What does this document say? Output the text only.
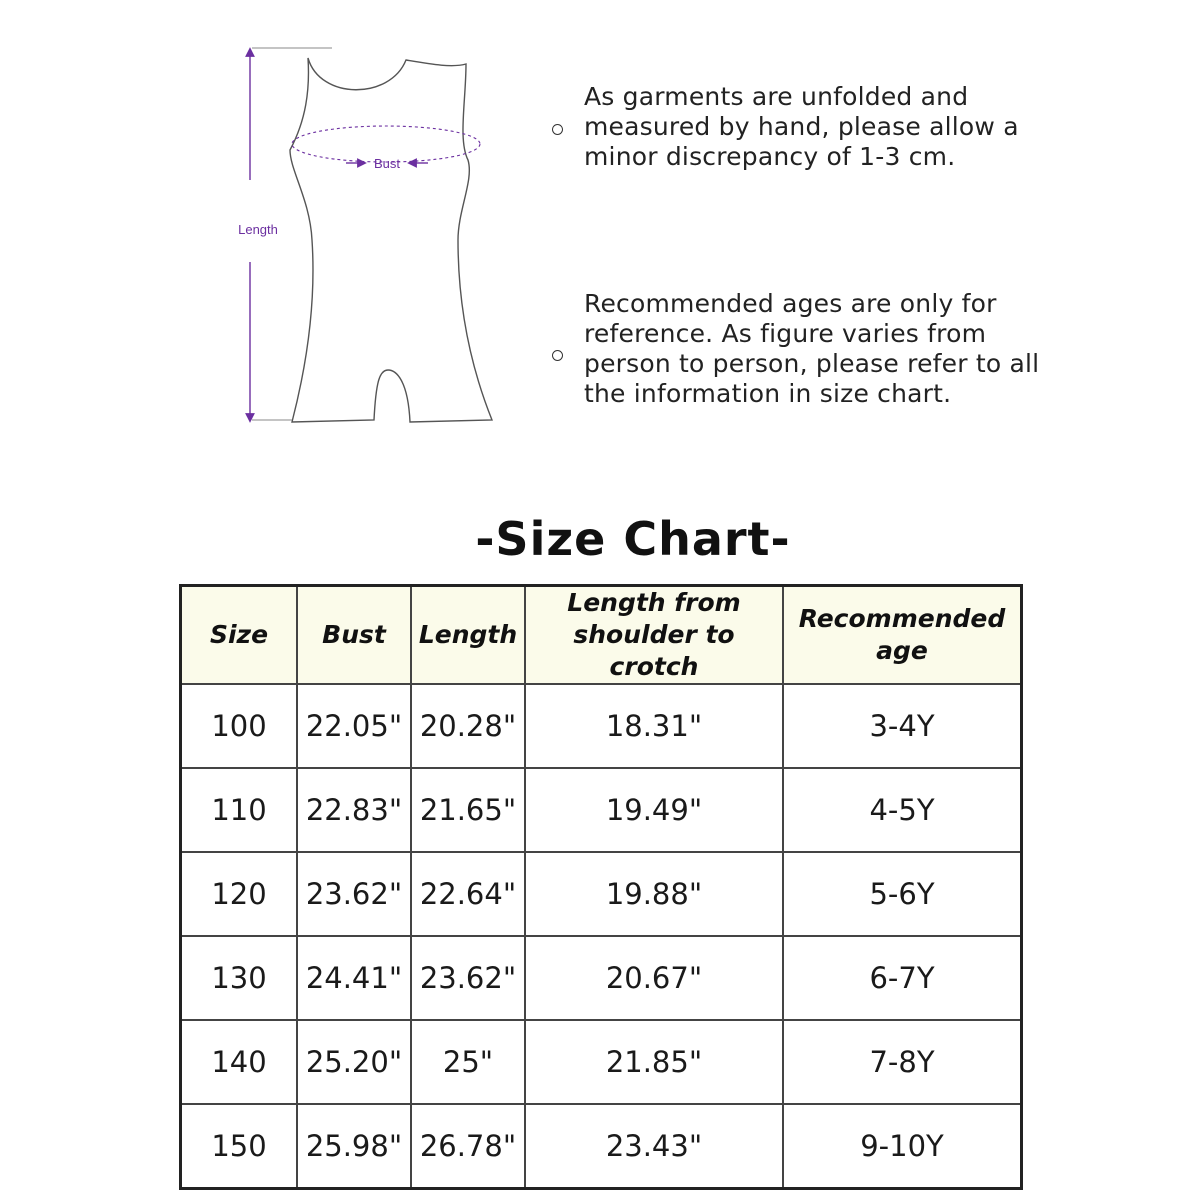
Length
Bust
As garments are unfolded and measured by hand, please allow a minor discrepancy of 1-3 cm.
Recommended ages are only for reference. As figure varies from person to person, please refer to all the information in size chart.
-Size Chart-
Size	Bust	Length	Length from shoulder to crotch	Recommended age
100	22.05"	20.28"	18.31"	3-4Y
110	22.83"	21.65"	19.49"	4-5Y
120	23.62"	22.64"	19.88"	5-6Y
130	24.41"	23.62"	20.67"	6-7Y
140	25.20"	25"	21.85"	7-8Y
150	25.98"	26.78"	23.43"	9-10Y
